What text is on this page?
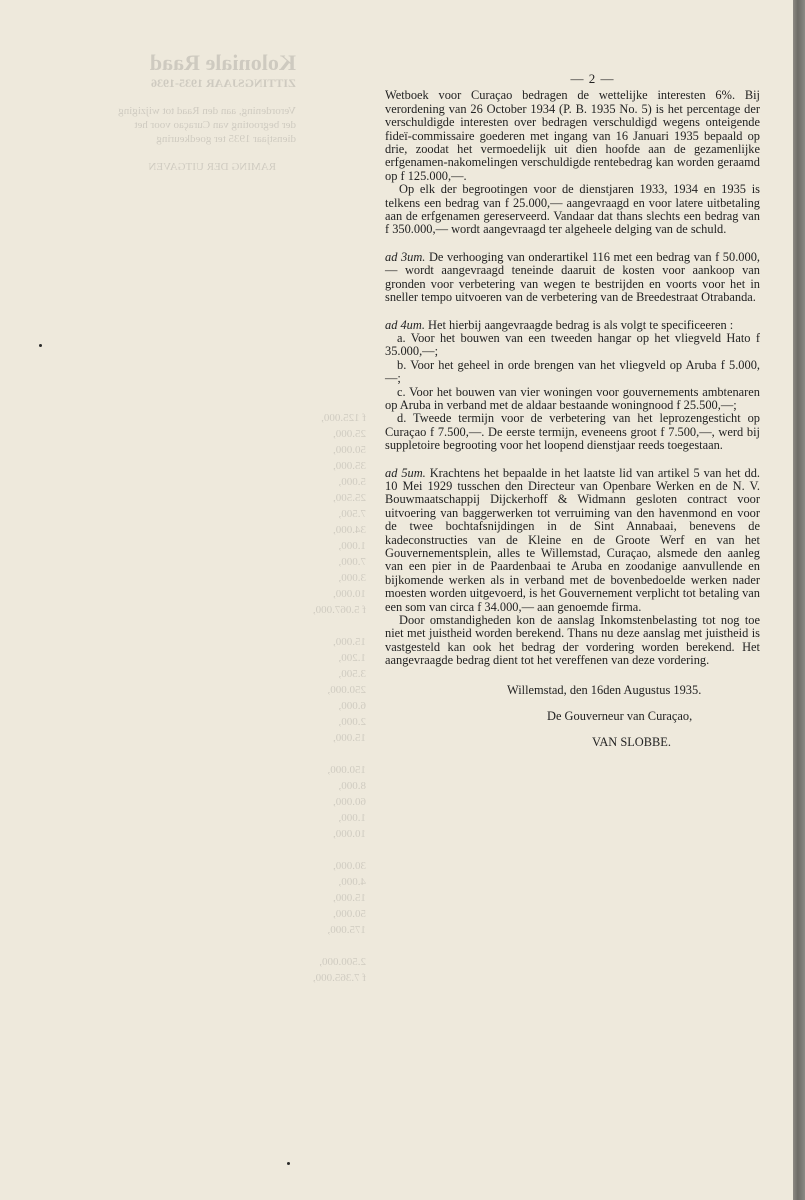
Koloniale Raad
ZITTINGSJAAR 1935-1936

Verordening, aan den Raad tot wijziging
der begrooting van Curaçao voor het
dienstjaar 1935 ter goedkeuring

RAMING DER UITGAVEN
f 125.000,
25.000,
50.000,
35.000,
5.000,
25.500,
7.500,
34.000,
1.000,
7.000,
3.000,
10.000,
f 5.067.000,

15.000,
1.200,
3.500,
250.000,
6.000,
2.000,
15.000,

150.000,
8.000,
60.000,
1.000,
10.000,

30.000,
4.000,
15.000,
50.000,
175.000,

2.500.000,
f 7.365.000,
— 2 —

Wetboek voor Curaçao bedragen de wettelijke interesten 6%. Bij verordening van 26 October 1934 (P. B. 1935 No. 5) is het percentage der verschuldigde interesten over bedragen verschuldigd wegens onteigende fideï-commissaire goederen met ingang van 16 Januari 1935 bepaald op drie, zoodat het vermoedelijk uit dien hoofde aan de gezamenlijke erfgenamen-nakomelingen verschuldigde rentebedrag kan worden geraamd op f 125.000,—.

Op elk der begrootingen voor de dienstjaren 1933, 1934 en 1935 is telkens een bedrag van f 25.000,— aangevraagd en voor latere uitbetaling aan de erfgenamen gereserveerd. Vandaar dat thans slechts een bedrag van f 350.000,— wordt aangevraagd ter algeheele delging van de schuld.

ad 3um. De verhooging van onderartikel 116 met een bedrag van f 50.000,— wordt aangevraagd teneinde daaruit de kosten voor aankoop van gronden voor verbetering van wegen te bestrijden en voorts voor het in sneller tempo uitvoeren van de verbetering van de Breedestraat Otrabanda.

ad 4um. Het hierbij aangevraagde bedrag is als volgt te specificeeren :

a. Voor het bouwen van een tweeden hangar op het vliegveld Hato f 35.000,—;

b. Voor het geheel in orde brengen van het vliegveld op Aruba f 5.000,—;

c. Voor het bouwen van vier woningen voor gouvernements ambtenaren op Aruba in verband met de aldaar bestaande woningnood f 25.500,—;

d. Tweede termijn voor de verbetering van het leprozengesticht op Curaçao f 7.500,—. De eerste termijn, eveneens groot f 7.500,—, werd bij suppletoire begrooting voor het loopend dienstjaar reeds toegestaan.

ad 5um. Krachtens het bepaalde in het laatste lid van artikel 5 van het dd. 10 Mei 1929 tusschen den Directeur van Openbare Werken en de N. V. Bouwmaatschappij Dijckerhoff & Widmann gesloten contract voor uitvoering van baggerwerken tot verruiming van den havenmond en voor de twee bochtafsnijdingen in de Sint Annabaai, benevens de kadeconstructies van de Kleine en de Groote Werf en van het Gouvernementsplein, alles te Willemstad, Curaçao, alsmede den aanleg van een pier in de Paardenbaai te Aruba en zoodanige aanvullende en bijkomende werken als in verband met de bovenbedoelde werken nader moesten worden uitgevoerd, is het Gouvernement verplicht tot betaling van een som van circa f 34.000,— aan genoemde firma.

Door omstandigheden kon de aanslag Inkomstenbelasting tot nog toe niet met juistheid worden berekend. Thans nu deze aanslag met juistheid is vastgesteld kan ook het bedrag der vordering worden berekend. Het aangevraagde bedrag dient tot het vereffenen van deze vordering.

Willemstad, den 16den Augustus 1935.

De Gouverneur van Curaçao,

VAN SLOBBE.
